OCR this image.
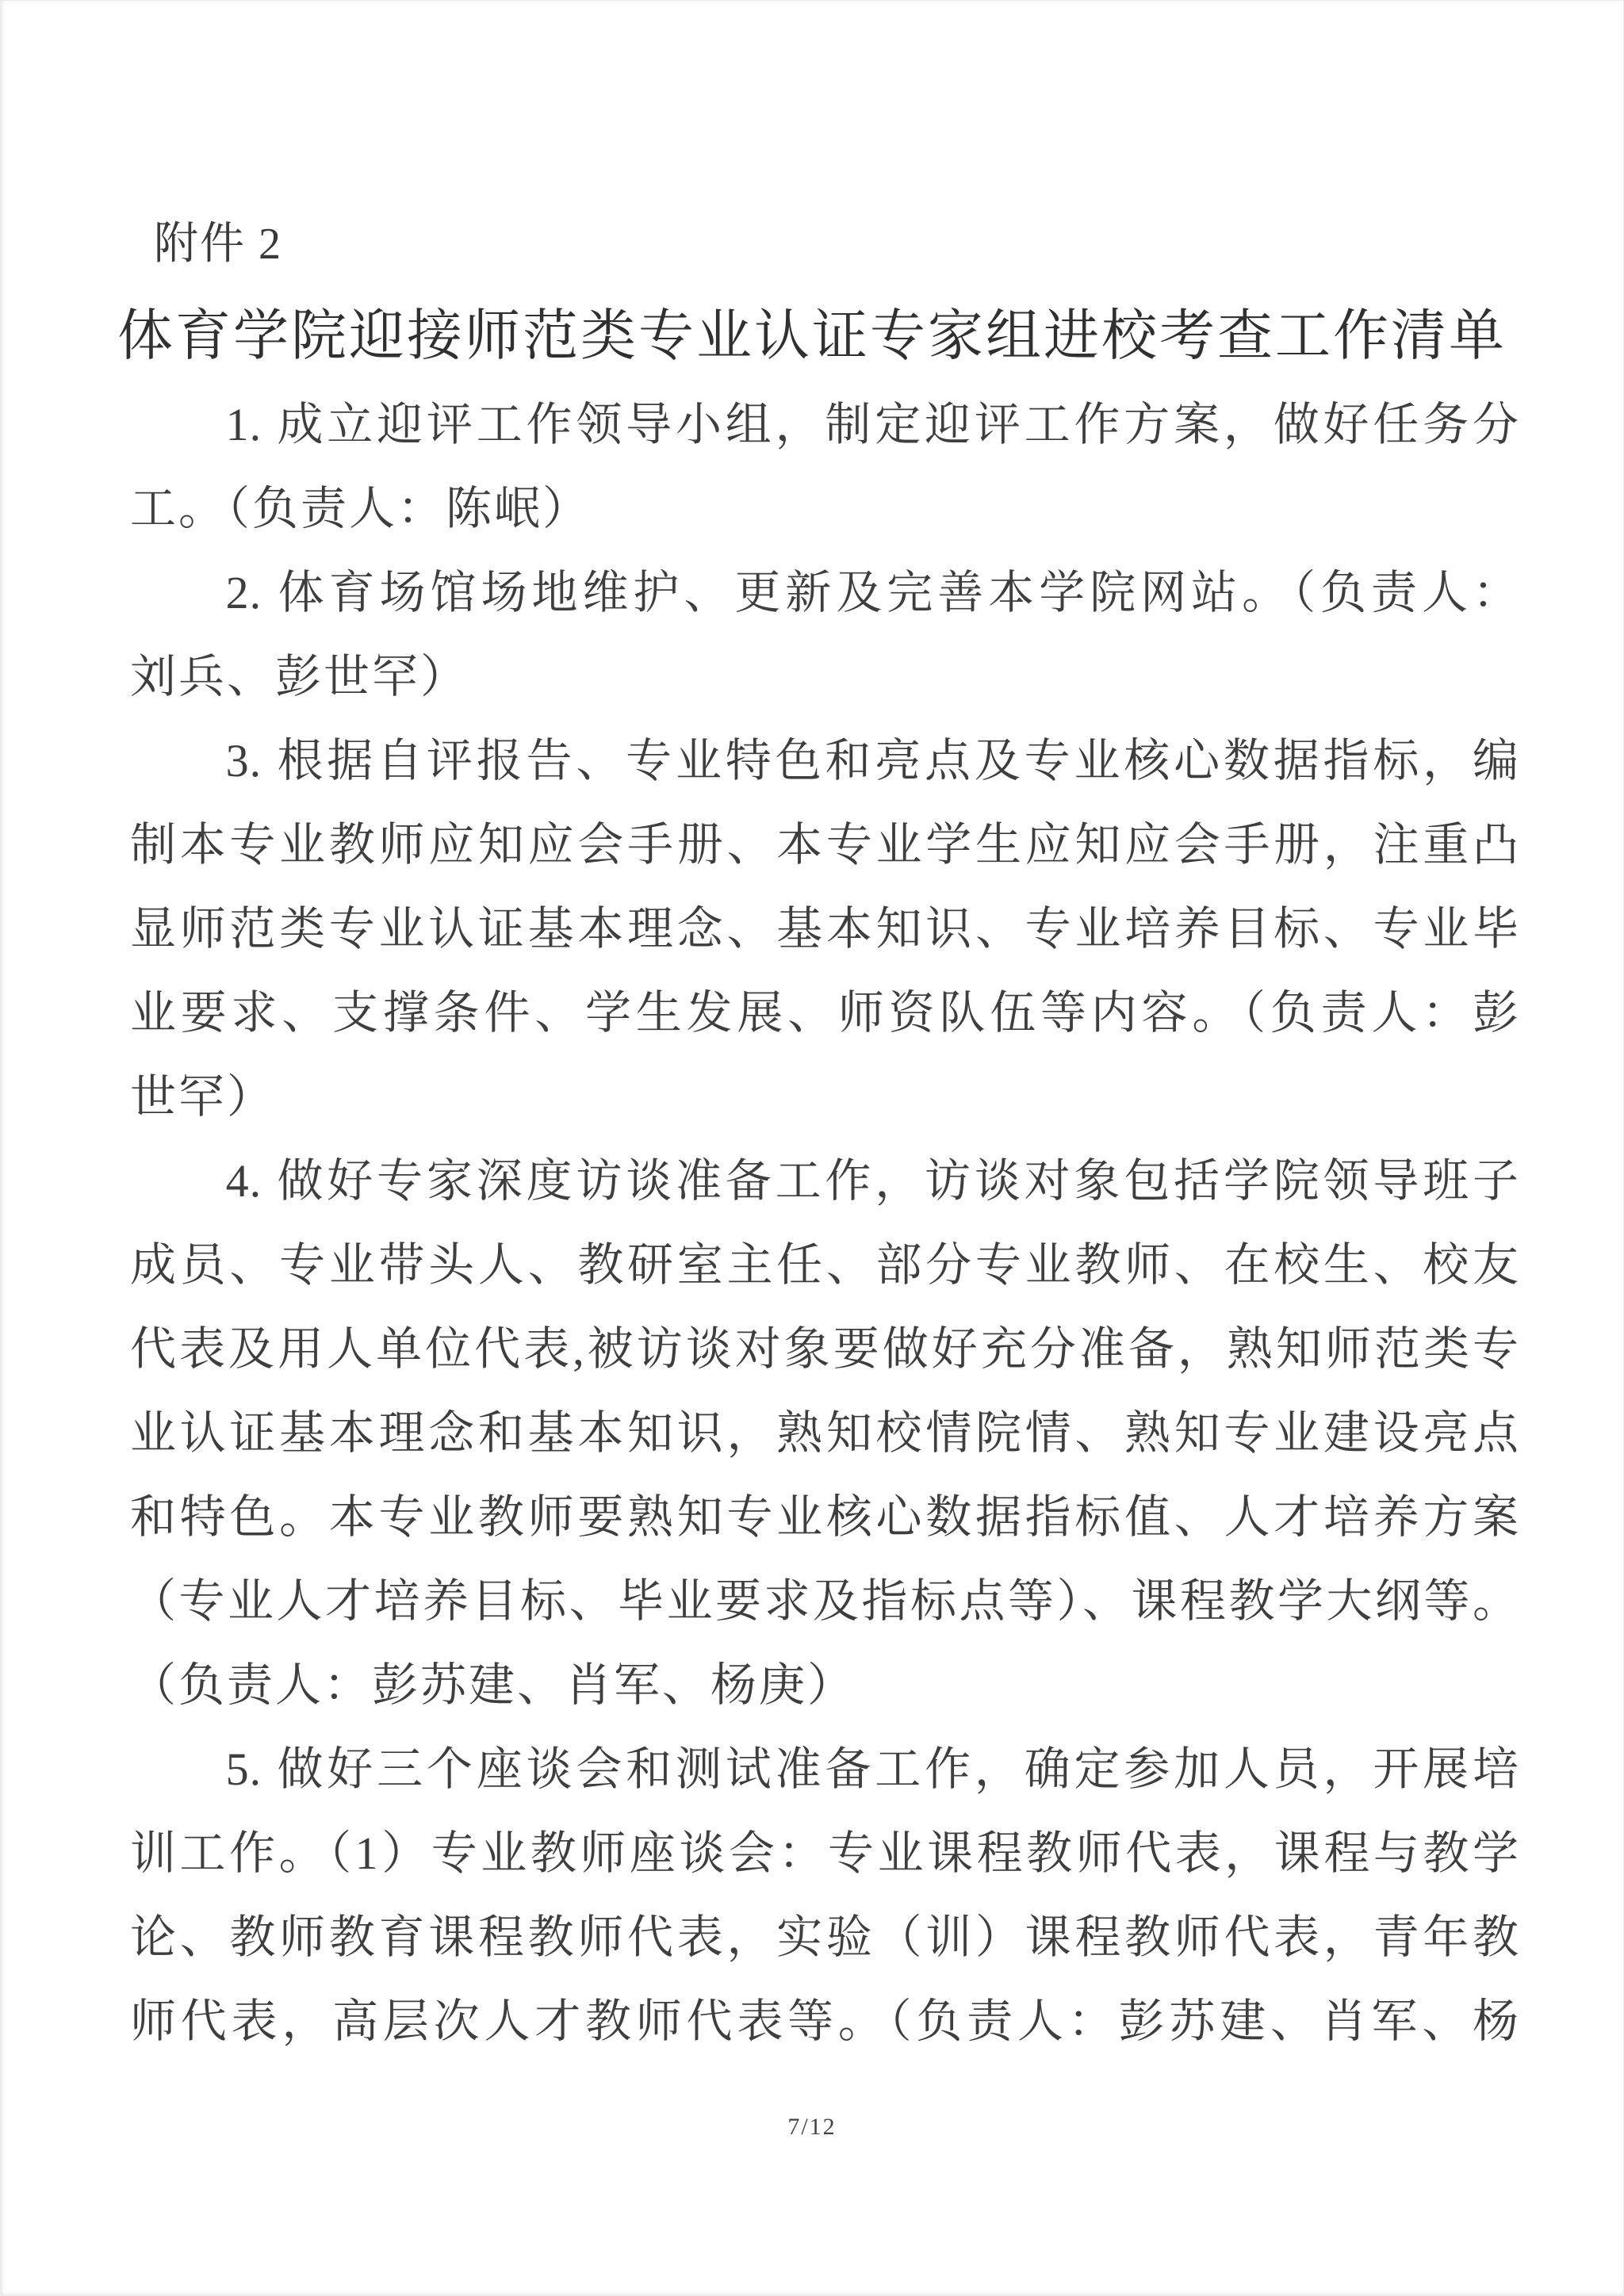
附件 2
体育学院迎接师范类专业认证专家组进校考查工作清单
1. 成立迎评工作领导小组，制定迎评工作方案，做好任务分
工。（负责人：陈岷）
2. 体育场馆场地维护、更新及完善本学院网站。（负责人：
刘兵、彭世罕）
3. 根据自评报告、专业特色和亮点及专业核心数据指标，编
制本专业教师应知应会手册、本专业学生应知应会手册，注重凸
显师范类专业认证基本理念、基本知识、专业培养目标、专业毕
业要求、支撑条件、学生发展、师资队伍等内容。（负责人：彭
世罕）
4. 做好专家深度访谈准备工作，访谈对象包括学院领导班子
成员、专业带头人、教研室主任、部分专业教师、在校生、校友
代表及用人单位代表,被访谈对象要做好充分准备，熟知师范类专
业认证基本理念和基本知识，熟知校情院情、熟知专业建设亮点
和特色。本专业教师要熟知专业核心数据指标值、人才培养方案
（专业人才培养目标、毕业要求及指标点等）、课程教学大纲等。
（负责人：彭苏建、肖军、杨庚）
5. 做好三个座谈会和测试准备工作，确定参加人员，开展培
训工作。（1）专业教师座谈会：专业课程教师代表，课程与教学
论、教师教育课程教师代表，实验（训）课程教师代表，青年教
师代表，高层次人才教师代表等。（负责人：彭苏建、肖军、杨
7/12
